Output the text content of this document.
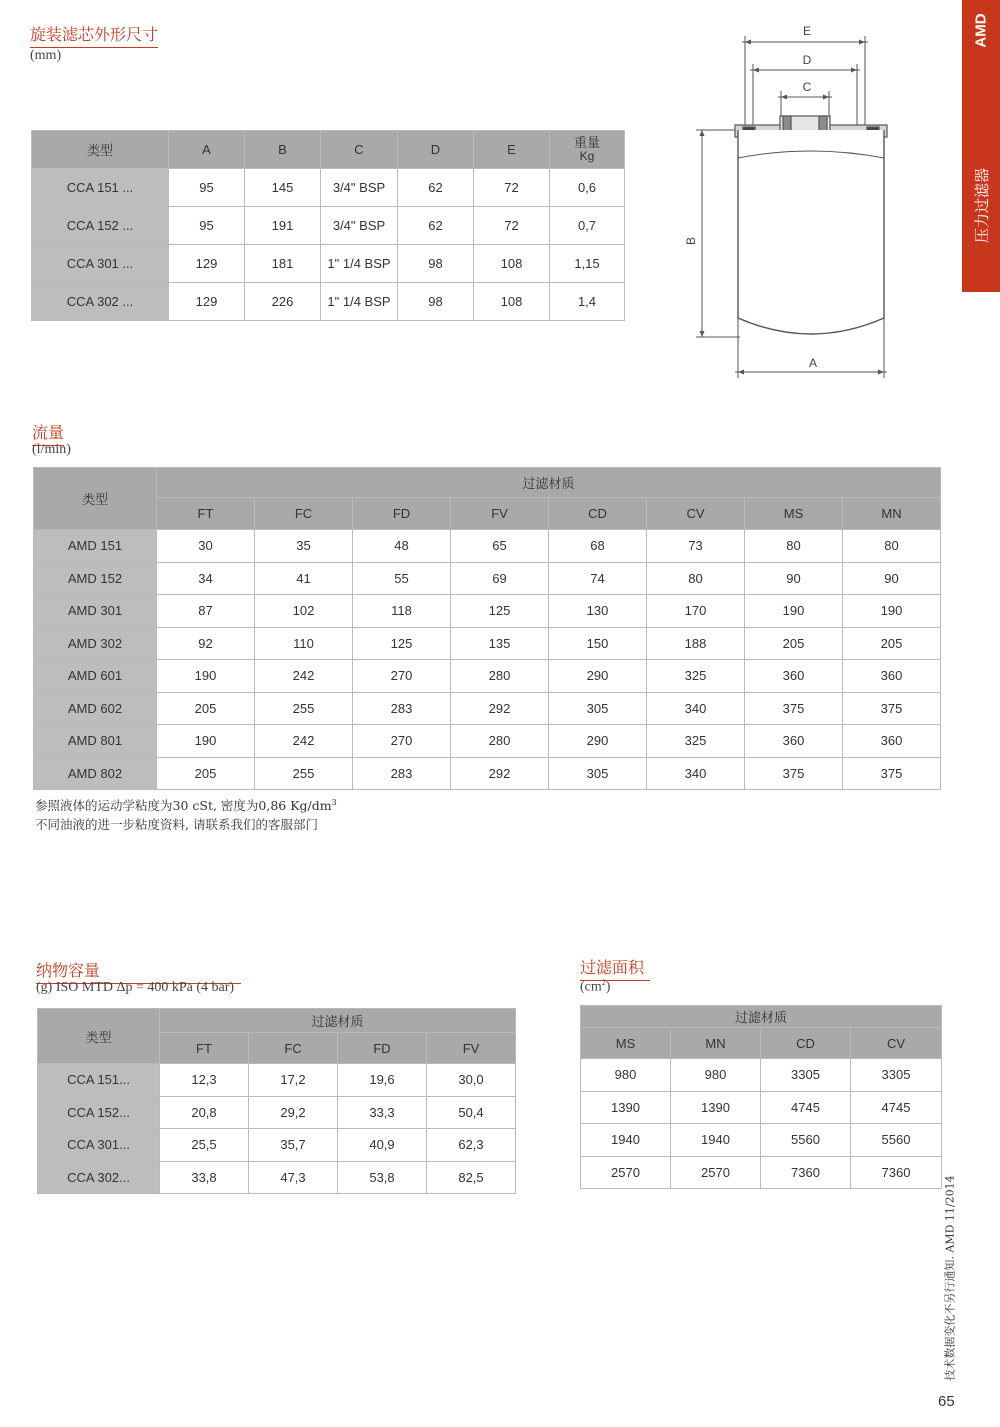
AMD
压力过滤器
旋装滤芯外形尺寸
(mm)
类型	A	B	C	D	E	重量
Kg
CCA 151 ...	95	145	3/4" BSP	62	72	0,6
CCA 152 ...	95	191	3/4" BSP	62	72	0,7
CCA 301 ...	129	181	1" 1/4 BSP	98	108	1,15
CCA 302 ...	129	226	1" 1/4 BSP	98	108	1,4
E
D
C
B
A
流量
(l/min)
类型	过滤材质							
	FT	FC	FD	FV	CD	CV	MS	MN
AMD 151	30	35	48	65	68	73	80	80
AMD 152	34	41	55	69	74	80	90	90
AMD 301	87	102	118	125	130	170	190	190
AMD 302	92	110	125	135	150	188	205	205
AMD 601	190	242	270	280	290	325	360	360
AMD 602	205	255	283	292	305	340	375	375
AMD 801	190	242	270	280	290	325	360	360
AMD 802	205	255	283	292	305	340	375	375
参照液体的运动学粘度为30 cSt, 密度为0,86 $Kg/dm^3$
不同油液的进一步粘度资料, 请联系我们的客服部门
纳物容量
(g) ISO MTD Δp = 400 kPa (4 bar)
类型	过滤材质			
	FT	FC	FD	FV
CCA 151...	12,3	17,2	19,6	30,0
CCA 152...	20,8	29,2	33,3	50,4
CCA 301...	25,5	35,7	40,9	62,3
CCA 302...	33,8	47,3	53,8	82,5
过滤面积
$(cm^2)$
过滤材质			
MS	MN	CD	CV
980	980	3305	3305
1390	1390	4745	4745
1940	1940	5560	5560
2570	2570	7360	7360
技术数据变化不另行通知. AMD 11/2014
65
